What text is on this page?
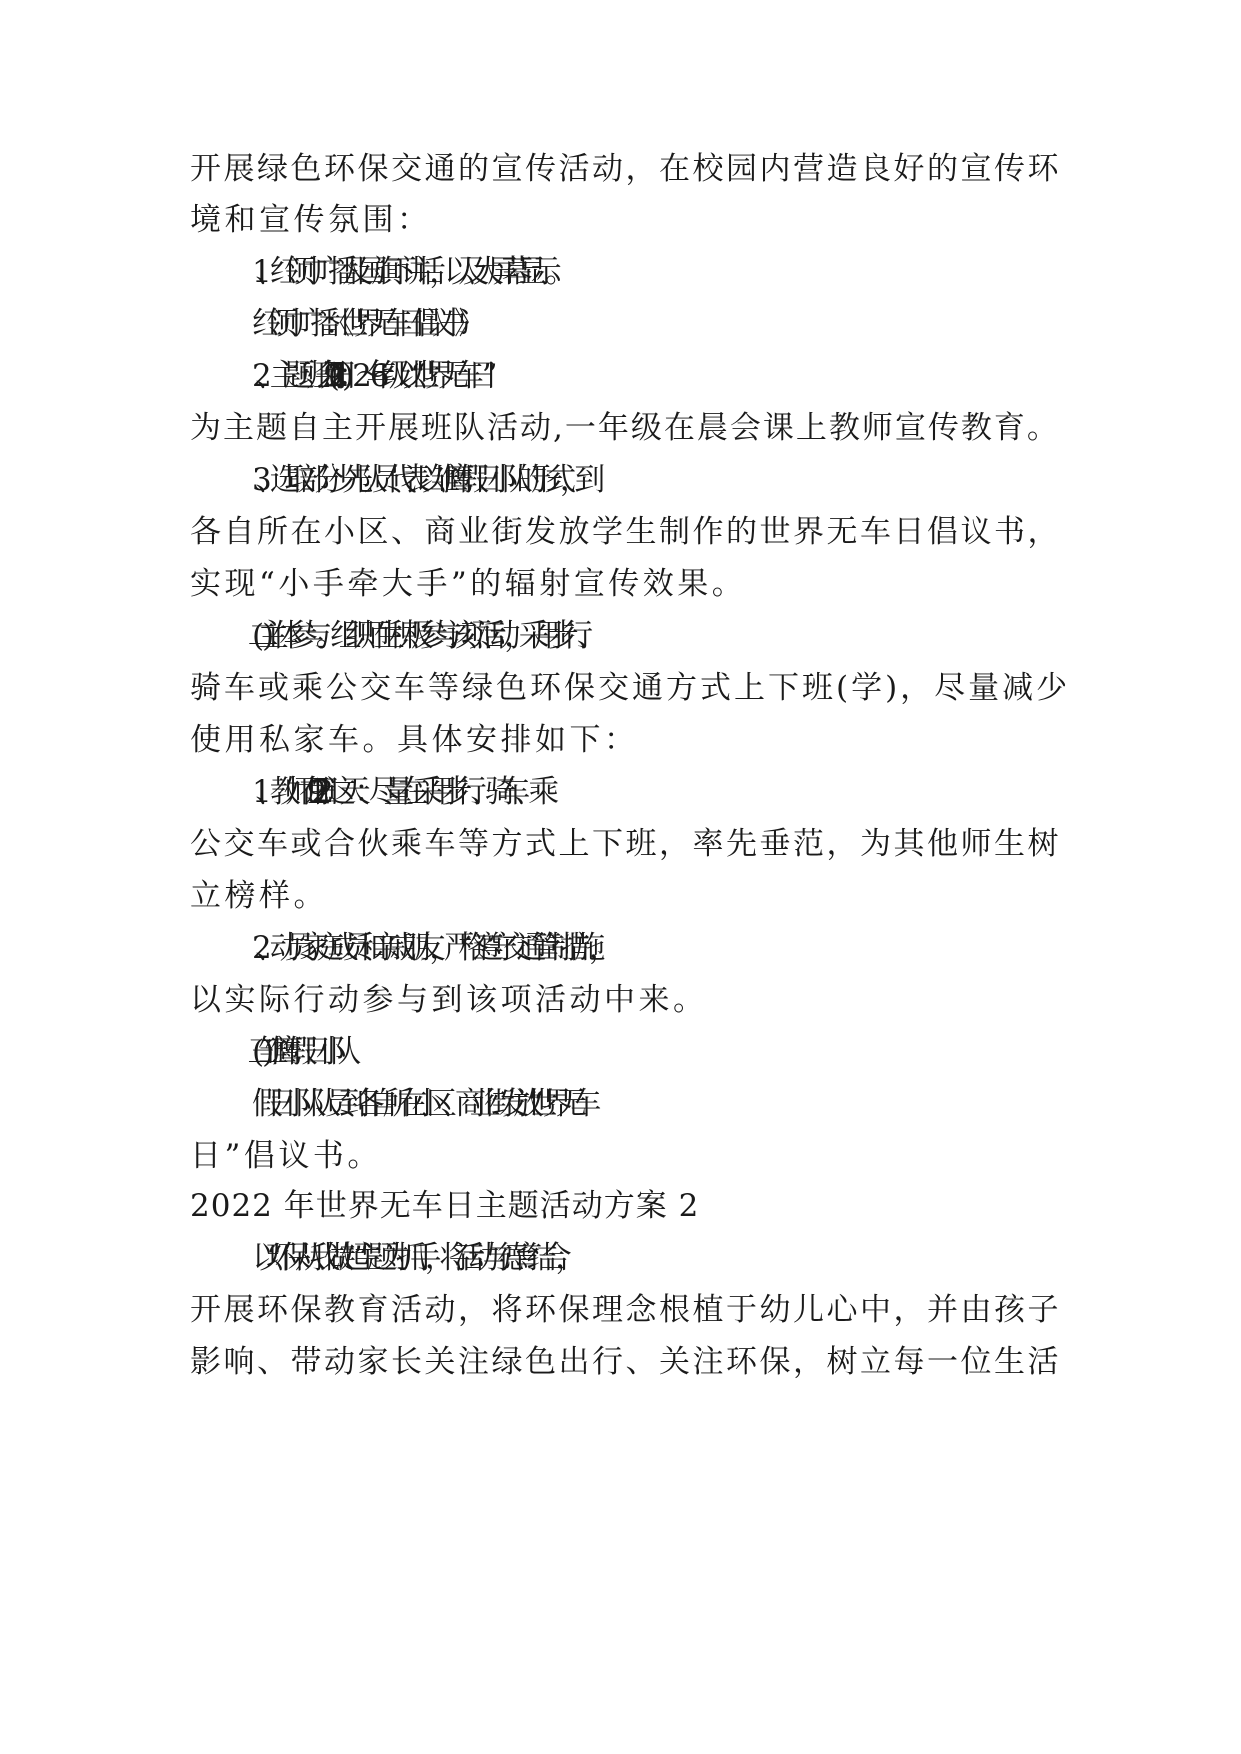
开展绿色环保交通的宣传活动，在校园内营造良好的宣传环
境和宣传氛围：
1、红领巾广播及国旗下讲话，以及大屏幕显示。
红领巾广播：《世界无车日倡议书》
2、主题班会(9 月 21 日)：2～6 年级以“世界无车日”
为主题自主开展班队活动,一年级在晨会课上教师宣传教育。
3、选取部分少先队员代表以雏鹰假日小队的形式，到
各自所在小区、商业街发放学生制作的世界无车日倡议书，
实现“小手牵大手”的辐射宣传效果。
(二)主体参与。组织师生积极参与该项活动，采用步行、
骑车或乘公交车等绿色环保交通方式上下班(学)，尽量减少
使用私家车。具体安排如下：
1、教师在 9 月 22 日这天：尽量在采用步行、骑车、乘
公交车或合伙乘车等方式上下班，率先垂范，为其他师生树
立榜样。
2、动员家庭成员和亲戚朋友，严格遵守交通管制措施，
以实际行动参与到该项活动中来。
(三)雏鹰假日小队
假日小队队员到各自所在小区、商业街发放“世界无车
日”倡议书。
2022 年世界无车日主题活动方案 2
以“环保从我做起”主题为抓手，将活动与德育结合，
开展环保教育活动，将环保理念根植于幼儿心中，并由孩子
影响、带动家长关注绿色出行、关注环保，树立每一位生活
